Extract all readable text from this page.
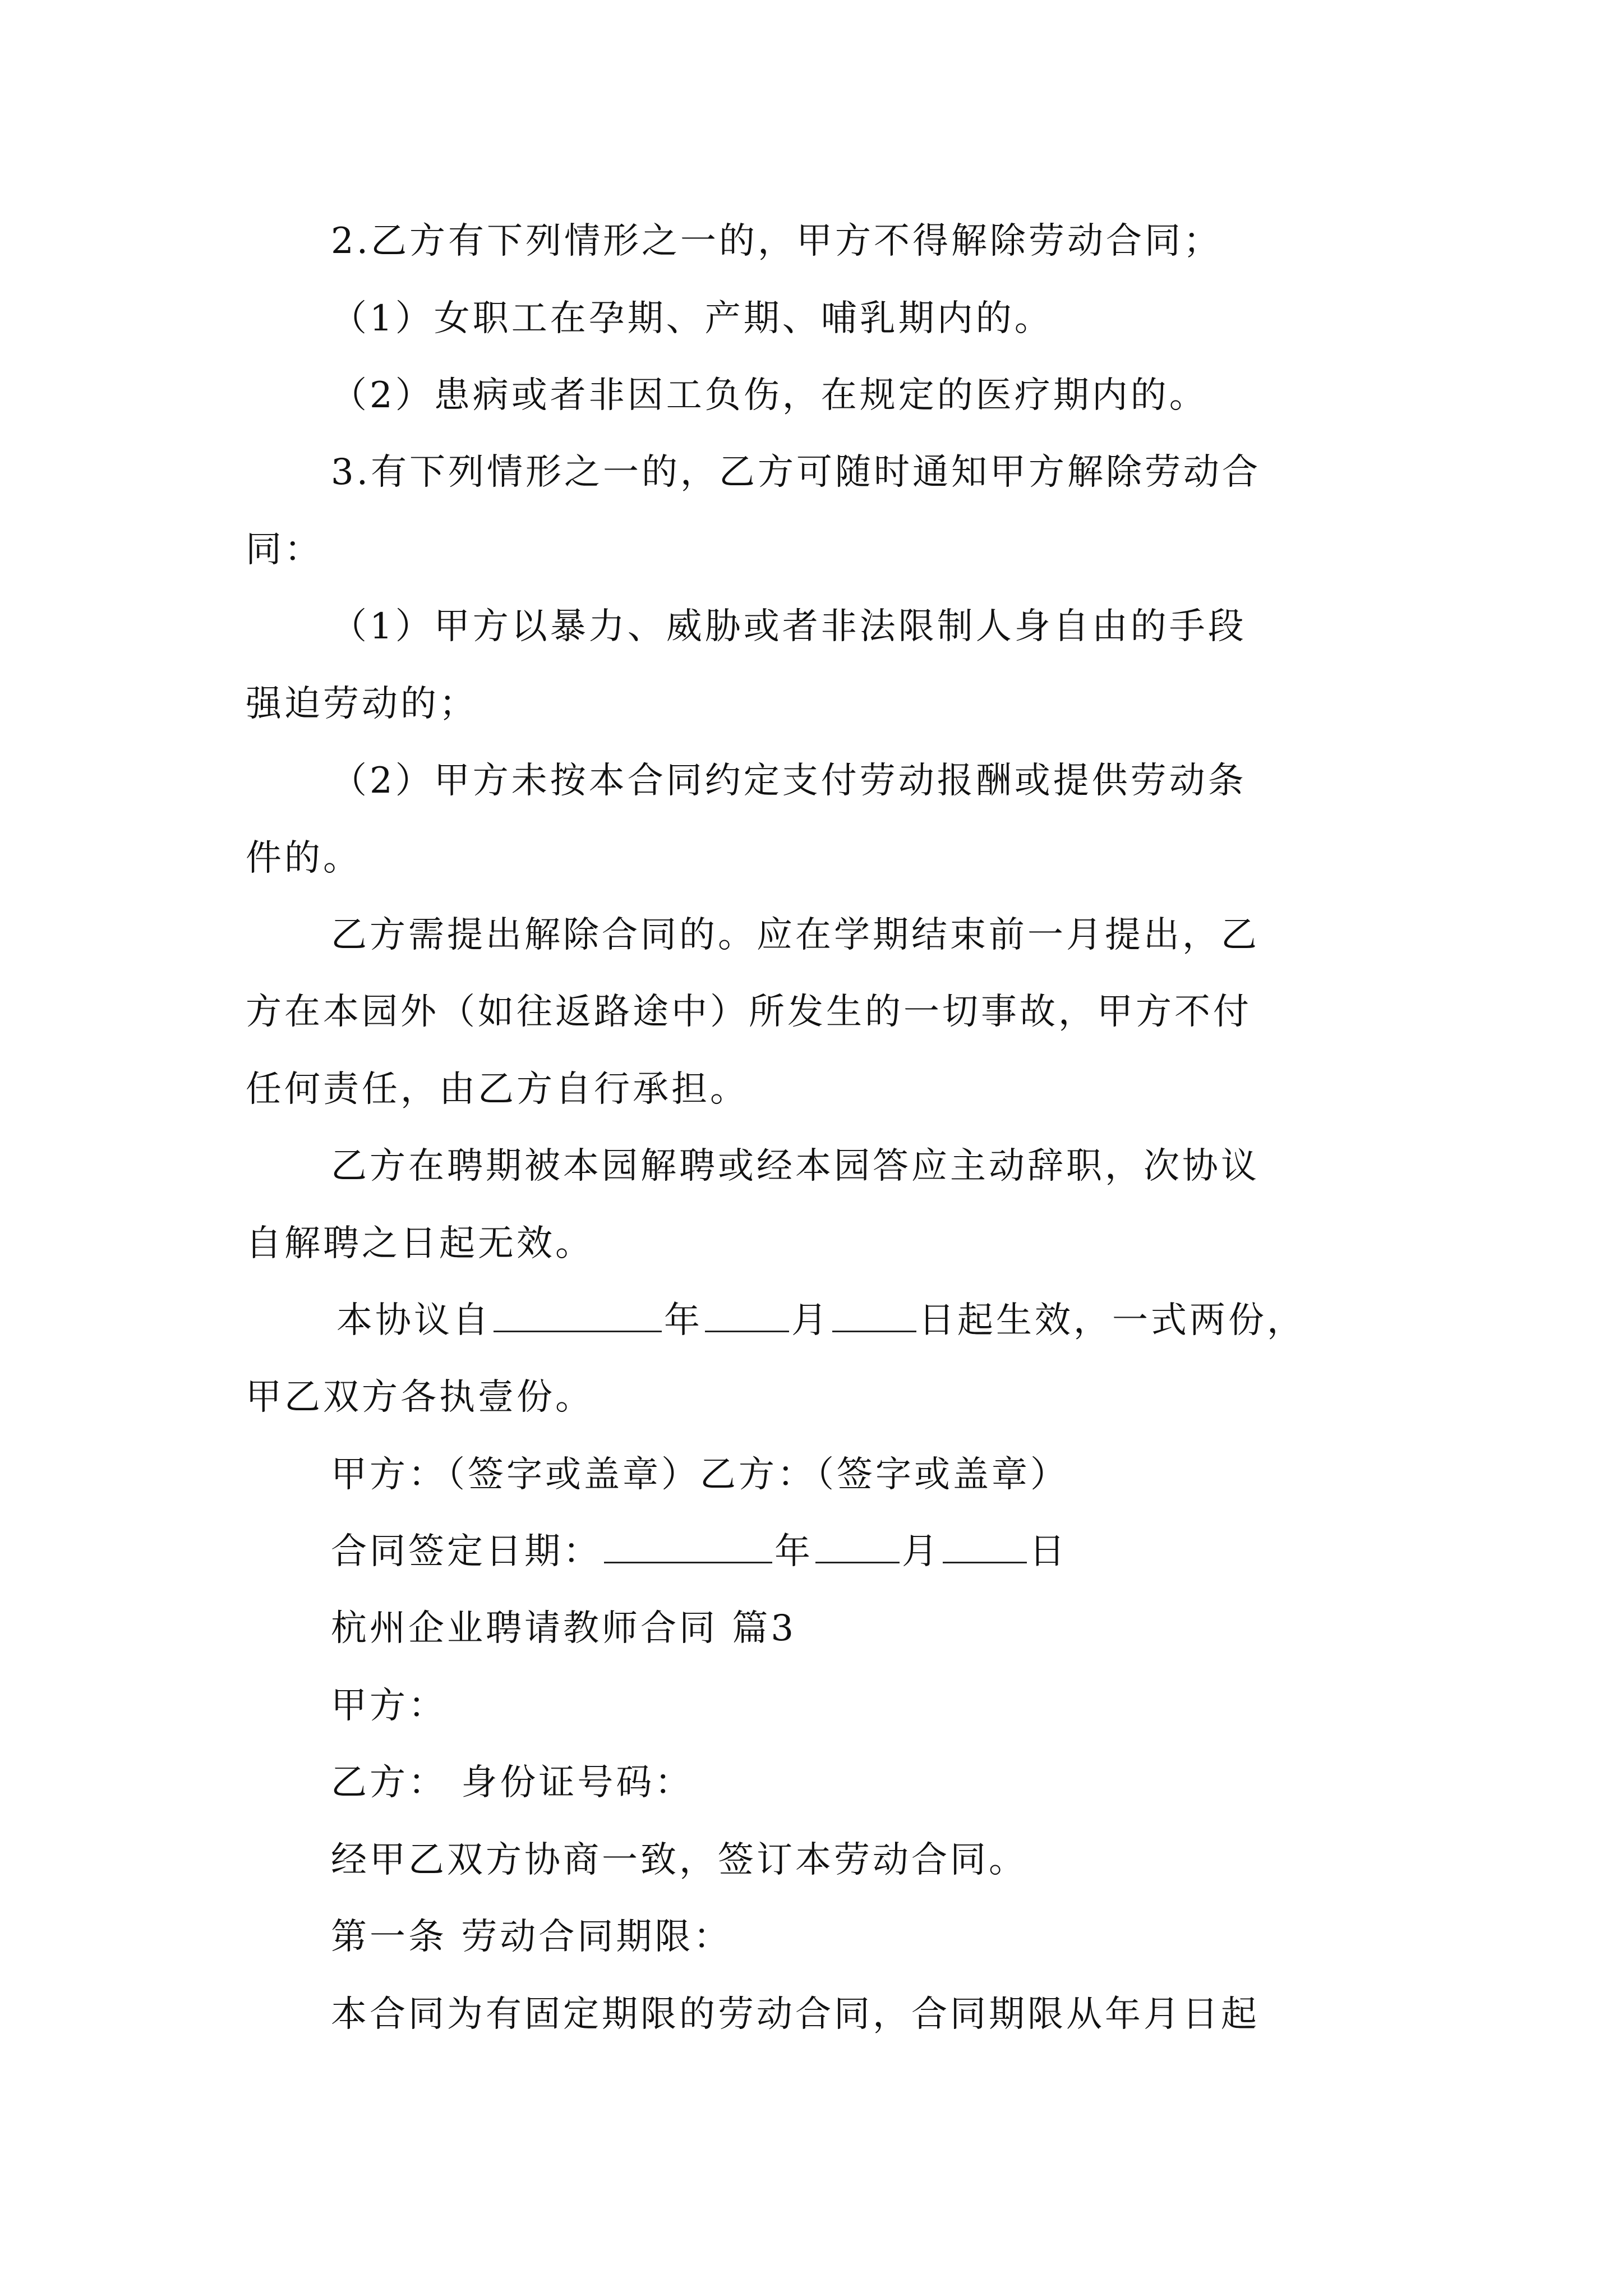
2.乙方有下列情形之一的，甲方不得解除劳动合同；
（1）女职工在孕期、产期、哺乳期内的。
（2）患病或者非因工负伤，在规定的医疗期内的。
3.有下列情形之一的，乙方可随时通知甲方解除劳动合
同：
（1）甲方以暴力、威胁或者非法限制人身自由的手段
强迫劳动的；
（2）甲方未按本合同约定支付劳动报酬或提供劳动条
件的。
乙方需提出解除合同的。应在学期结束前一月提出，乙
方在本园外（如往返路途中）所发生的一切事故，甲方不付
任何责任，由乙方自行承担。
乙方在聘期被本园解聘或经本园答应主动辞职，次协议
自解聘之日起无效。
本协议自	年 月 日起生效，一式两份，
甲乙双方各执壹份。
甲方：（签字或盖章）乙方：（签字或盖章）
合同签定日期：	年 月 日
杭州企业聘请教师合同 篇3
甲方：
乙方： 身份证号码：
经甲乙双方协商一致，签订本劳动合同。
第一条 劳动合同期限：
本合同为有固定期限的劳动合同，合同期限从年月日起
